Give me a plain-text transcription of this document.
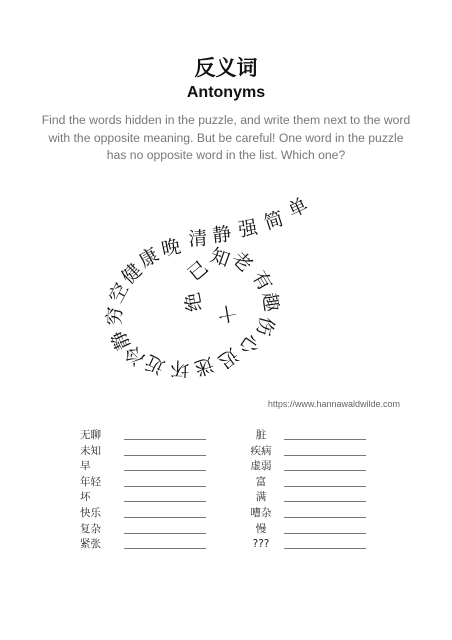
反义词
Antonyms
Find the words hidden in the puzzle, and write them next to the word with the opposite meaning. But be careful! One word in the puzzle has no opposite word in the list. Which one?
单
简
强
静
清
晚
康
健
空
穷
静
冷
近 坏 迷
迟
心
伤
趣
有
老
知
已
绝 十
https://www.hannawaldwilde.com
无聊
未知
早
年轻
坏
快乐
复杂
紧张
脏
疾病
虚弱
富
满
嘈杂
慢
???
